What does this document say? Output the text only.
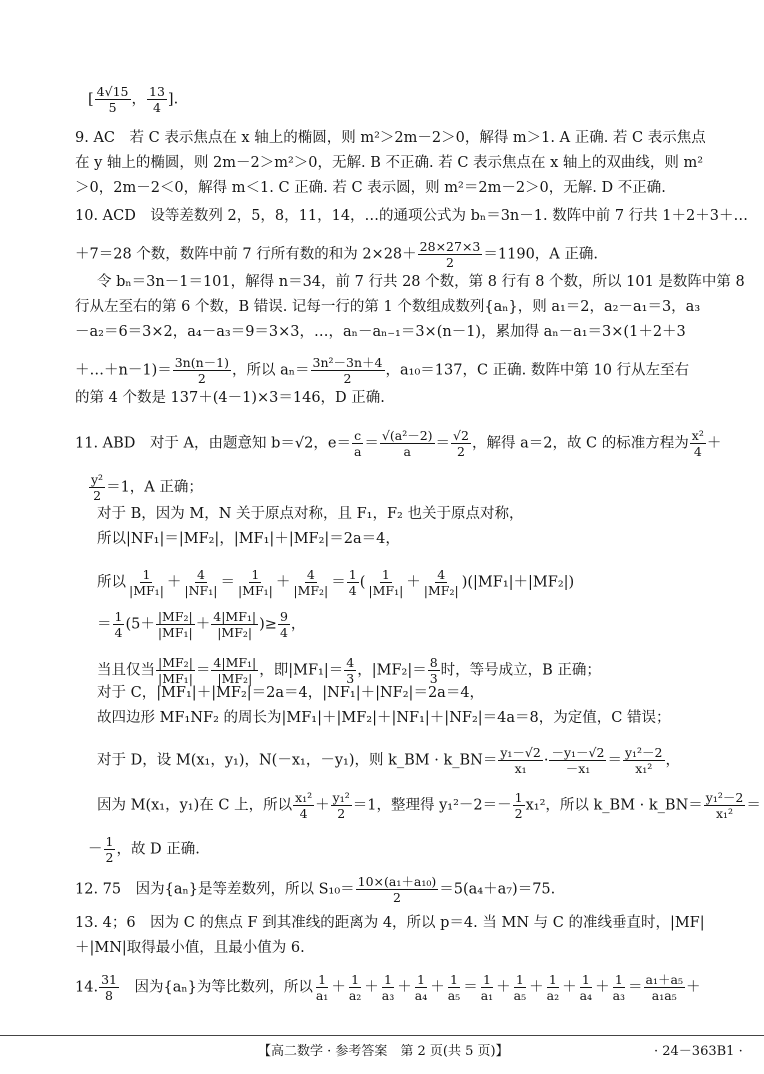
[ $\frac{4√15}{5}$ ， $\frac{13}{4}$ ].
9. AC　若 C 表示焦点在 x 轴上的椭圆，则 m²＞2m－2＞0，解得 m＞1. A 正确. 若 C 表示焦点
在 y 轴上的椭圆，则 2m－2＞m²＞0，无解. B 不正确. 若 C 表示焦点在 x 轴上的双曲线，则 m²
＞0，2m－2＜0，解得 m＜1. C 正确. 若 C 表示圆，则 m²＝2m－2＞0，无解. D 不正确.
10. ACD　设等差数列 2，5，8，11，14，…的通项公式为 bₙ＝3n－1. 数阵中前 7 行共 1＋2＋3＋…
＋7＝28 个数，数阵中前 7 行所有数的和为 $2\times 28+ \frac{28\times 27\times 3}{2} =1190$，A 正确.
令 bₙ＝3n－1＝101，解得 n＝34，前 7 行共 28 个数，第 8 行有 8 个数，所以 101 是数阵中第 8
行从左至右的第 6 个数，B 错误. 记每一行的第 1 个数组成数列{aₙ}，则 a₁＝2，a₂－a₁＝3，a₃
－a₂＝6＝3×2，a₄－a₃＝9＝3×3，…，aₙ－aₙ₋₁＝3×(n－1)，累加得 aₙ－a₁＝3×(1＋2＋3
＋…＋n－1)＝ $\frac{3n(n-1)}{2}$ ，所以 $a_n= \frac{\text{3n²－3n＋4}}{2}$ ，a₁₀＝137，C 正确. 数阵中第 10 行从左至右
的第 4 个数是 137＋(4－1)×3＝146，D 正确.
11. ABD　对于 A，由题意知 b＝√2，$e= \frac{c}{a} = \frac{\text{√(a²－2)}}{a} = \frac{√2}{2}$ ，解得 a＝2，故 C 的标准方程为 $\frac{\text{x²}}{4}$ ＋
$\frac{\text{y²}}{2} =1$，A 正确；
对于 B，因为 M，N 关于原点对称，且 F₁，F₂ 也关于原点对称，
所以|NF₁|＝|MF₂|，|MF₁|＋|MF₂|＝2a＝4，
所以 $\frac{1}{\text{|MF₁|}} + \frac{4}{\text{|NF₁|}} = \frac{1}{\text{|MF₁|}} + \frac{4}{\text{|MF₂|}} = \frac{1}{4}$ ( $\frac{1}{\text{|MF₁|}} + \frac{4}{\text{|MF₂|}} )(|MF_1|+|MF_2|)$
＝ $\frac{1}{4} (5+ \frac{\text{|MF₂|}}{\text{|MF₁|}} + \frac{\text{4|MF₁|}}{\text{|MF₂|}}$ )≥ $\frac{9}{4}$ ，
当且仅当 $\frac{\text{|MF₂|}}{\text{|MF₁|}} = \frac{\text{4|MF₁|}}{\text{|MF₂|}}$ ，即$|MF_1|= \frac{4}{3}$ ，$|MF_2|= \frac{8}{3}$ 时，等号成立，B 正确；
对于 C，|MF₁|＋|MF₂|＝2a＝4，|NF₁|＋|NF₂|＝2a＝4，
故四边形 MF₁NF₂ 的周长为|MF₁|＋|MF₂|＋|NF₁|＋|NF₂|＝4a＝8，为定值，C 错误；
对于 D，设 M(x₁，y₁)，N(－x₁，－y₁)，则 k_BM · k_BN＝ $\frac{\text{y₁－√2}}{\text{x₁}} \cdot \frac{\text{－y₁－√2}}{\text{－x₁}} = \frac{\text{y₁²－2}}{\text{x₁²}}$ ，
因为 M(x₁，y₁)在 C 上，所以 $\frac{\text{x₁²}}{4} + \frac{\text{y₁²}}{2} =1$，整理得 $y_1^2-2=- \frac{1}{2} x_1^2$，所以 k_BM · k_BN＝ $\frac{\text{y₁²－2}}{\text{x₁²}}$ ＝
－ $\frac{1}{2}$ ，故 D 正确.
12. 75　因为{aₙ}是等差数列，所以 $S_{10}= \frac{\text{10×(a₁＋a₁₀)}}{2} =5(a_4+a_7)=75$.
13. 4；6　因为 C 的焦点 F 到其准线的距离为 4，所以 p＝4. 当 MN 与 C 的准线垂直时，|MF|
＋|MN|取得最小值，且最小值为 6.
14. $\frac{31}{8}$ 　因为{aₙ}为等比数列，所以 $\frac{1}{\text{a₁}} + \frac{1}{\text{a₂}} + \frac{1}{\text{a₃}} + \frac{1}{\text{a₄}} + \frac{1}{\text{a₅}} = \frac{1}{\text{a₁}} + \frac{1}{\text{a₅}} + \frac{1}{\text{a₂}} + \frac{1}{\text{a₄}} + \frac{1}{\text{a₃}} = \frac{\text{a₁＋a₅}}{\text{a₁a₅}}$ ＋
【高二数学 · 参考答案　第 2 页(共 5 页)】	· 24－363B1 ·
